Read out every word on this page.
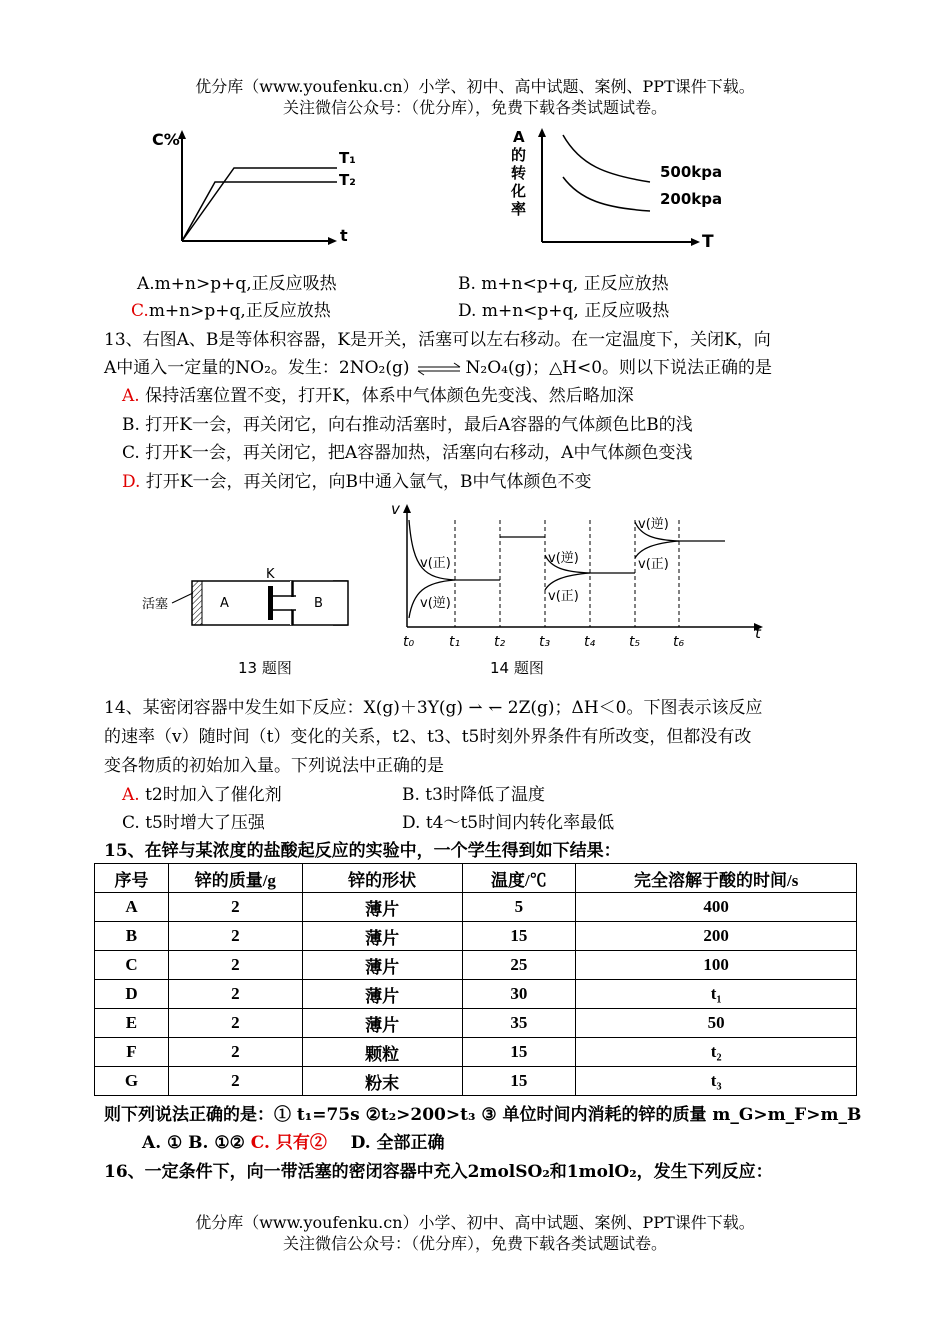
优分库（www.youfenku.cn）小学、初中、高中试题、案例、PPT课件下载。
关注微信公众号：（优分库），免费下载各类试题试卷。
C%
t
T₁
T₂
A
的
转
化
率
500kpa
200kpa
T
A.m+n>p+q,正反应吸热	B. m+n<p+q, 正反应放热
C.m+n>p+q,正反应放热	D. m+n<p+q, 正反应吸热
13、右图A、B是等体积容器，K是开关，活塞可以左右移动。在一定温度下，关闭K，向
A中通入一定量的NO₂。发生：2NO₂(g) ⇌ N₂O₄(g)；△H<0。则以下说法正确的是
A. 保持活塞位置不变，打开K，体系中气体颜色先变浅、然后略加深
B. 打开K一会，再关闭它，向右推动活塞时，最后A容器的气体颜色比B的浅
C. 打开K一会，再关闭它，把A容器加热，活塞向右移动，A中气体颜色变浅
D. 打开K一会，再关闭它，向B中通入氩气，B中气体颜色不变
活塞	A
K
B
13 题图
v
t
v(正)
v(逆)
v(逆)
v(正)
v(逆)
v(正)
t₀ t₁ t₂ t₃ t₄ t₅ t₆
14 题图
14、某密闭容器中发生如下反应：X(g)＋3Y(g) ⇀ ↽ 2Z(g)；ΔH＜0。下图表示该反应
的速率（v）随时间（t）变化的关系，t2、t3、t5时刻外界条件有所改变，但都没有改
变各物质的初始加入量。下列说法中正确的是
A. t2时加入了催化剂	B. t3时降低了温度
C. t5时增大了压强	D. t4～t5时间内转化率最低
15、在锌与某浓度的盐酸起反应的实验中，一个学生得到如下结果：
序号	锌的质量/g	锌的形状	温度/℃	完全溶解于酸的时间/s
A	2	薄片	5	400
B	2	薄片	15	200
C	2	薄片	25	100
D	2	薄片	30	t₁
E	2	薄片	35	50
F	2	颗粒	15	t₂
G	2	粉末	15	t₃
则下列说法正确的是：① t₁=75s ②t₂>200>t₃ ③ 单位时间内消耗的锌的质量 m_G>m_F>m_B
A. ① B. ①② C. 只有② D. 全部正确
16、一定条件下，向一带活塞的密闭容器中充入2molSO₂和1molO₂，发生下列反应：
优分库（www.youfenku.cn）小学、初中、高中试题、案例、PPT课件下载。
关注微信公众号：（优分库），免费下载各类试题试卷。
